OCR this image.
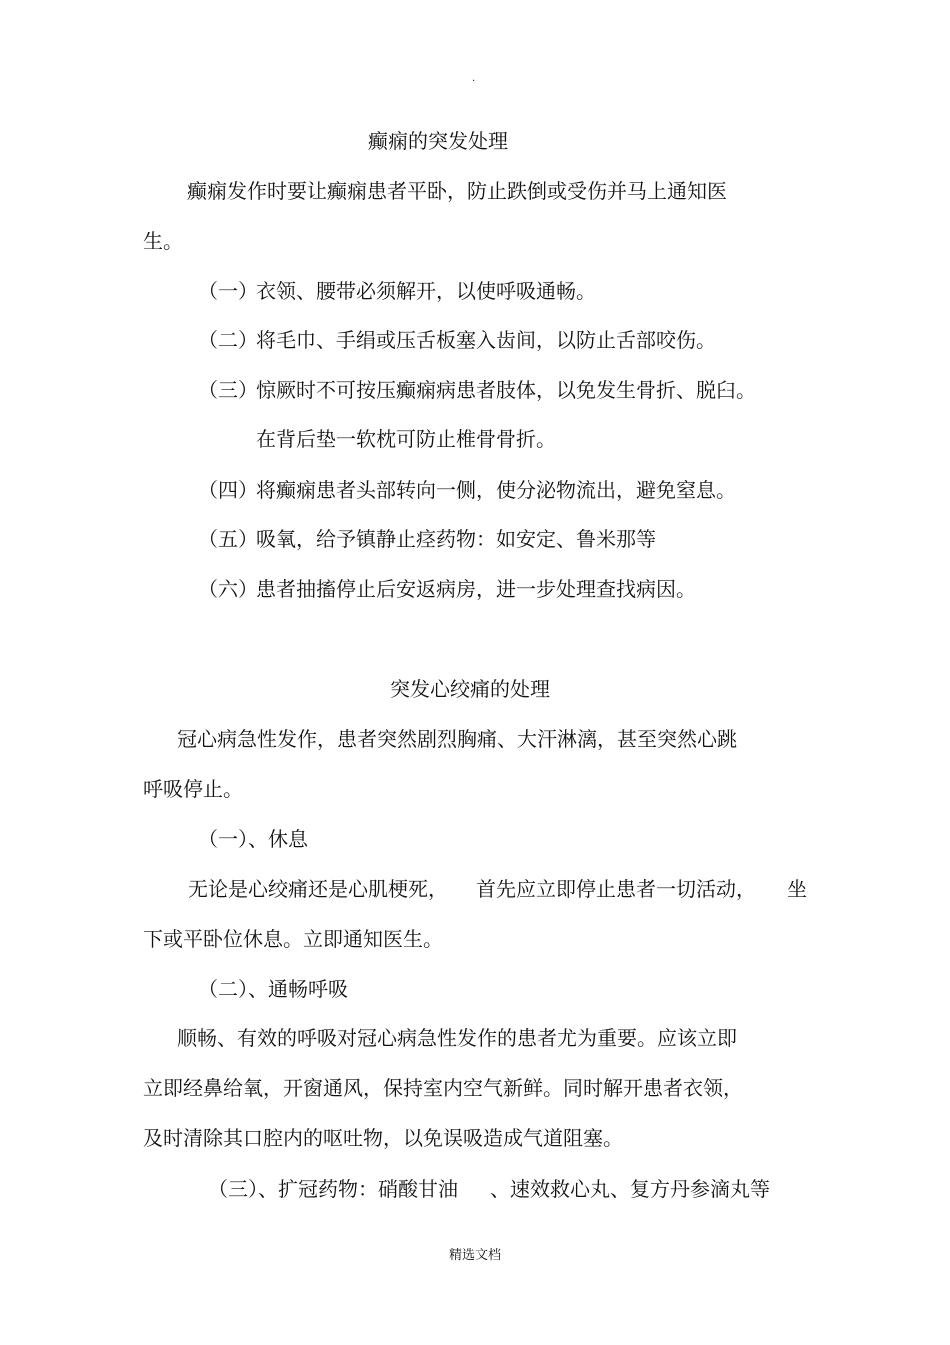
.
癫痫的突发处理
癫痫发作时要让癫痫患者平卧，防止跌倒或受伤并马上通知医
生。
（一）衣领、腰带必须解开，以使呼吸通畅。
（二）将毛巾、手绢或压舌板塞入齿间，以防止舌部咬伤。
（三）惊厥时不可按压癫痫病患者肢体，以免发生骨折、脱臼。
在背后垫一软枕可防止椎骨骨折。
（四）将癫痫患者头部转向一侧，使分泌物流出，避免窒息。
（五）吸氧，给予镇静止痉药物：如安定、鲁米那等
（六）患者抽搐停止后安返病房，进一步处理查找病因。
突发心绞痛的处理
冠心病急性发作，患者突然剧烈胸痛、大汗淋漓，甚至突然心跳
呼吸停止。
（一）、休息
无论是心绞痛还是心肌梗死， 首先应立即停止患者一切活动， 坐
下或平卧位休息。立即通知医生。
（二）、通畅呼吸
顺畅、有效的呼吸对冠心病急性发作的患者尤为重要。应该立即
立即经鼻给氧，开窗通风，保持室内空气新鲜。同时解开患者衣领，
及时清除其口腔内的呕吐物，以免误吸造成气道阻塞。
（三）、扩冠药物：硝酸甘油 、速效救心丸、复方丹参滴丸等
精选文档
